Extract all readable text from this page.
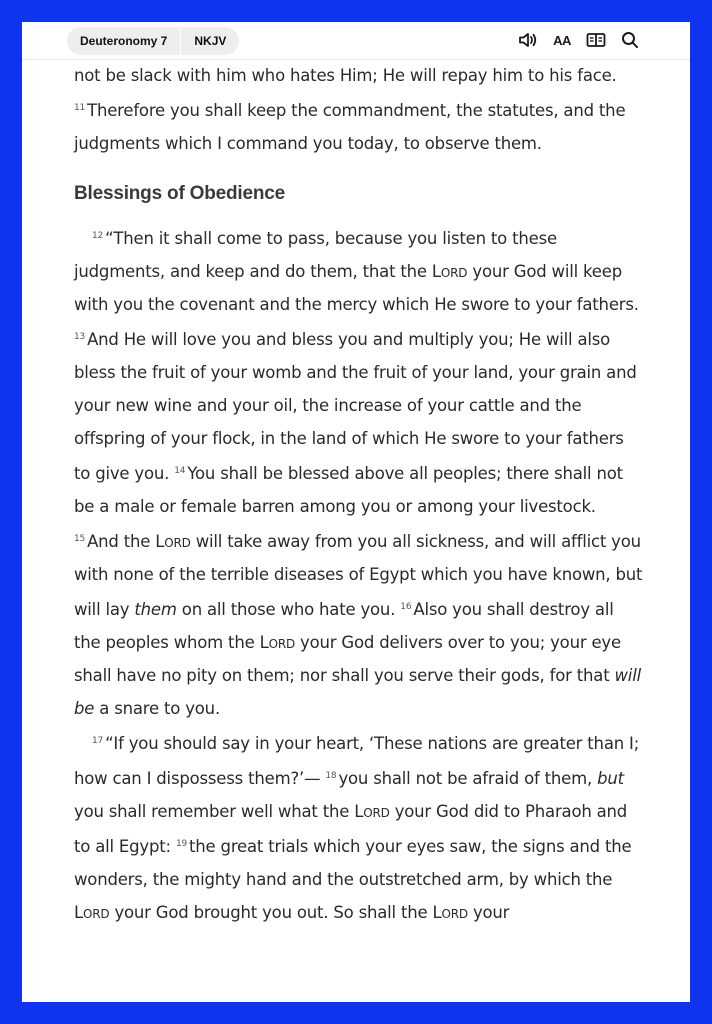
Deuteronomy 7	NKJV	AA

not be slack with him who hates Him; He will repay him to his face. $^{11}$ Therefore you shall keep the commandment, the statutes, and the judgments which I command you today, to observe them.

Blessings of Obedience

$^{12}$ “Then it shall come to pass, because you listen to these judgments, and keep and do them, that the Lord your God will keep with you the covenant and the mercy which He swore to your fathers. $^{13}$ And He will love you and bless you and multiply you; He will also bless the fruit of your womb and the fruit of your land, your grain and your new wine and your oil, the increase of your cattle and the offspring of your flock, in the land of which He swore to your fathers to give you. $^{14}$ You shall be blessed above all peoples; there shall not be a male or female barren among you or among your livestock. $^{15}$ And the Lord will take away from you all sickness, and will afflict you with none of the terrible diseases of Egypt which you have known, but will lay them on all those who hate you. $^{16}$ Also you shall destroy all the peoples whom the Lord your God delivers over to you; your eye shall have no pity on them; nor shall you serve their gods, for that will be a snare to you.

$^{17}$ “If you should say in your heart, ‘These nations are greater than I; how can I dispossess them?’— $^{18}$ you shall not be afraid of them, but you shall remember well what the Lord your God did to Pharaoh and to all Egypt: $^{19}$ the great trials which your eyes saw, the signs and the wonders, the mighty hand and the outstretched arm, by which the Lord your God brought you out. So shall the Lord your
